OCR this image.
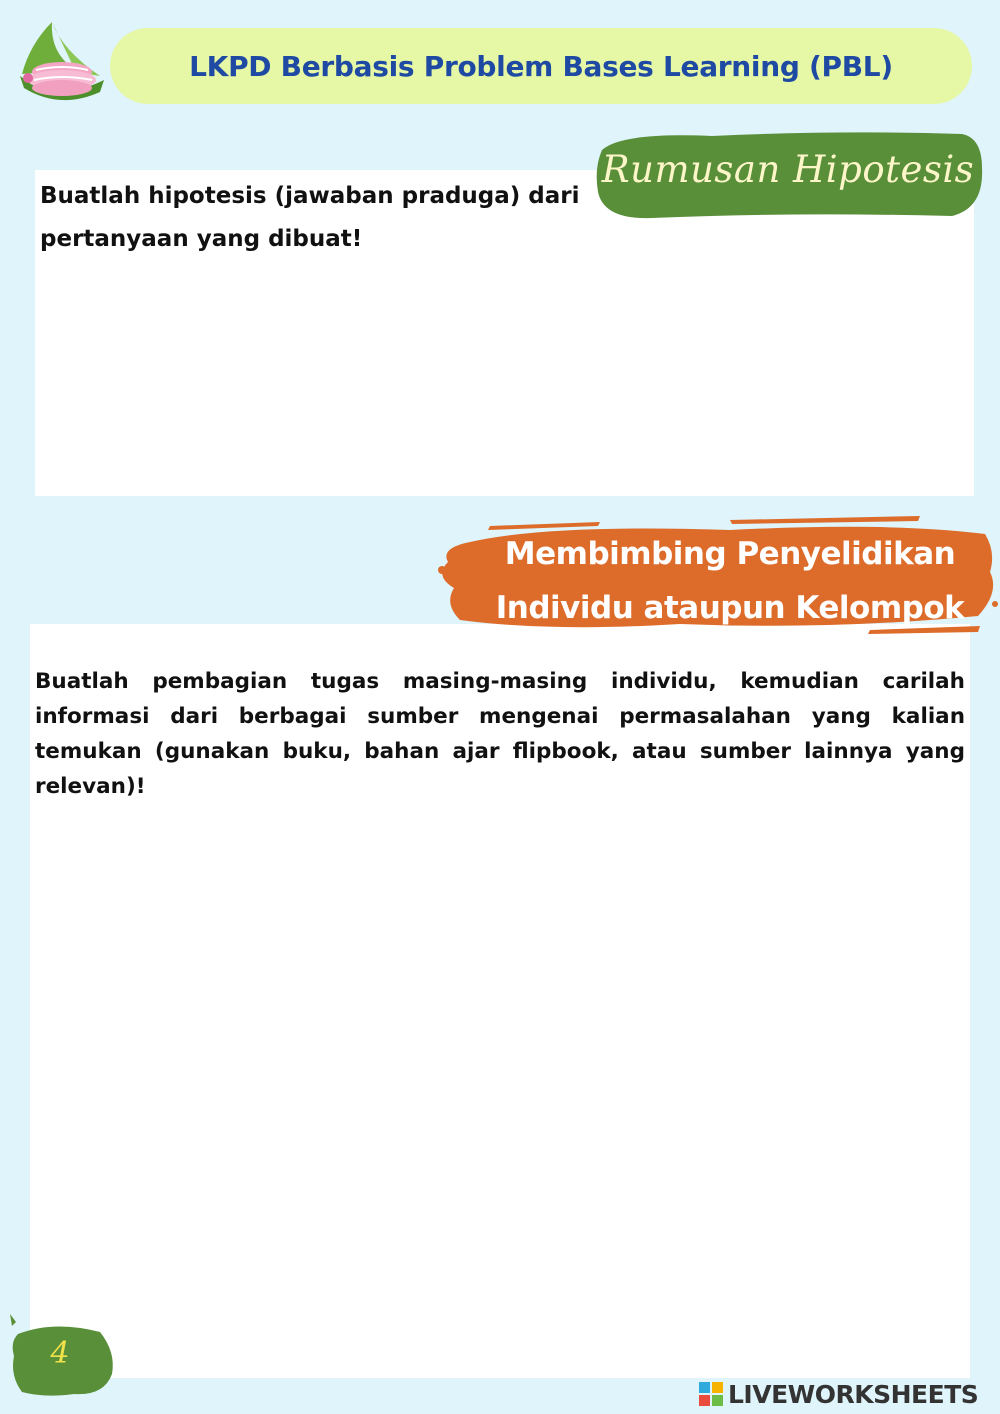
LKPD Berbasis Problem Bases Learning (PBL)
Buatlah hipotesis (jawaban praduga) dari pertanyaan yang dibuat!
Rumusan Hipotesis
Membimbing Penyelidikan
Individu ataupun Kelompok
Buatlah pembagian tugas masing-masing individu, kemudian carilah informasi dari berbagai sumber mengenai permasalahan yang kalian temukan (gunakan buku, bahan ajar flipbook, atau sumber lainnya yang relevan)!
4
LIVEWORKSHEETS
